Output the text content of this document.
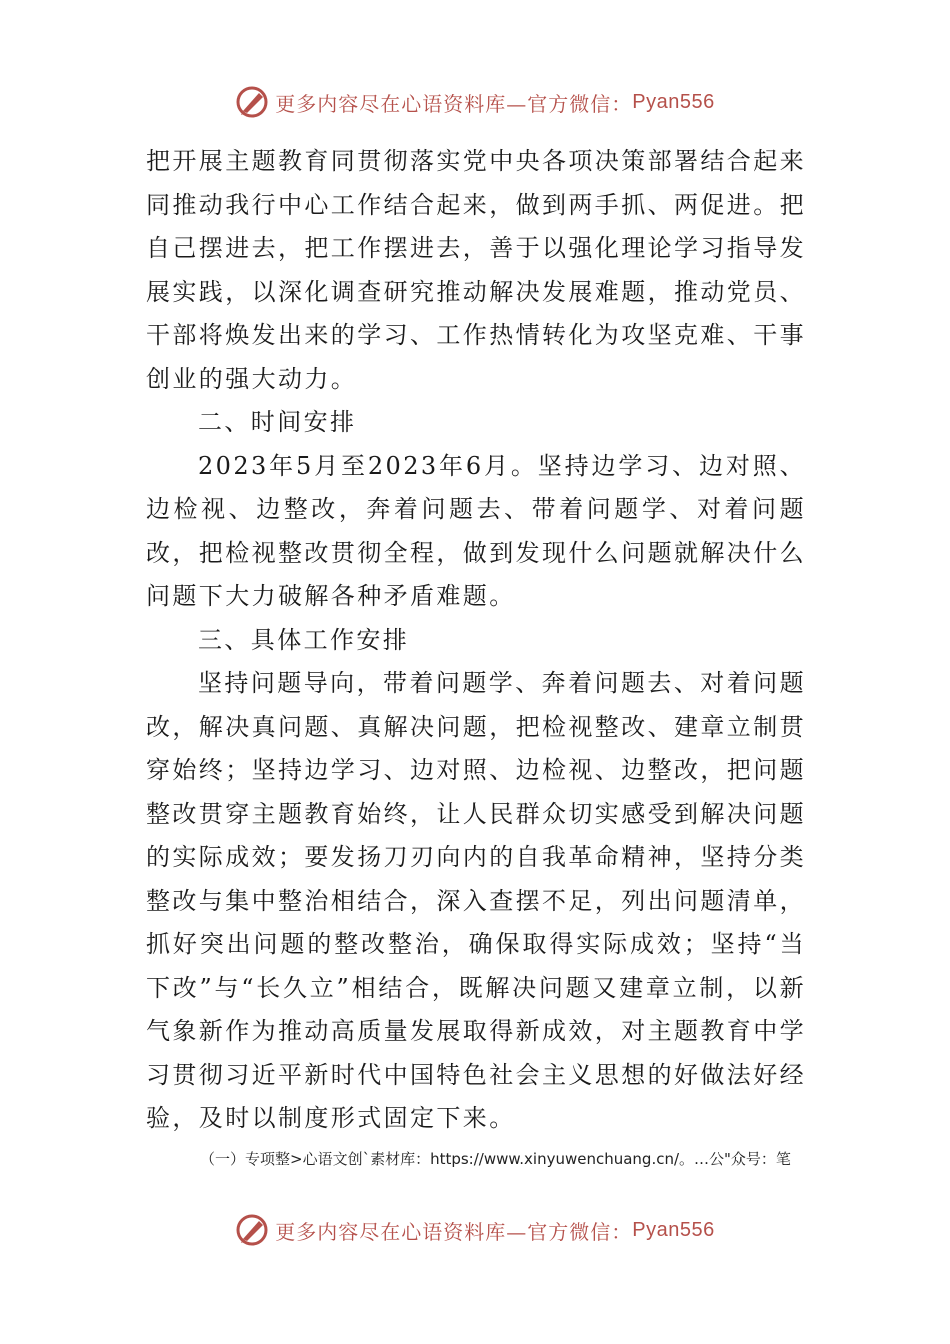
更多内容尽在心语资料库—官方微信： Pyan556

把开展主题教育同贯彻落实党中央各项决策部署结合起来同推动我行中心工作结合起来，做到两手抓、两促进。把自己摆进去，把工作摆进去，善于以强化理论学习指导发展实践，以深化调查研究推动解决发展难题，推动党员、干部将焕发出来的学习、工作热情转化为攻坚克难、干事创业的强大动力。

二、时间安排

2023年5月至2023年6月。坚持边学习、边对照、边检视、边整改，奔着问题去、带着问题学、对着问题改，把检视整改贯彻全程，做到发现什么问题就解决什么问题下大力破解各种矛盾难题。

三、具体工作安排

坚持问题导向，带着问题学、奔着问题去、对着问题改，解决真问题、真解决问题，把检视整改、建章立制贯穿始终；坚持边学习、边对照、边检视、边整改，把问题整改贯穿主题教育始终，让人民群众切实感受到解决问题的实际成效；要发扬刀刃向内的自我革命精神，坚持分类整改与集中整治相结合，深入查摆不足，列出问题清单，抓好突出问题的整改整治，确保取得实际成效；坚持“当下改”与“长久立”相结合，既解决问题又建章立制，以新气象新作为推动高质量发展取得新成效，对主题教育中学习贯彻习近平新时代中国特色社会主义思想的好做法好经验，及时以制度形式固定下来。

（一）专项整>心语文创`素材库：https://www.xinyuwenchuang.cn/。…公"众号：笔
更多内容尽在心语资料库—官方微信： Pyan556
